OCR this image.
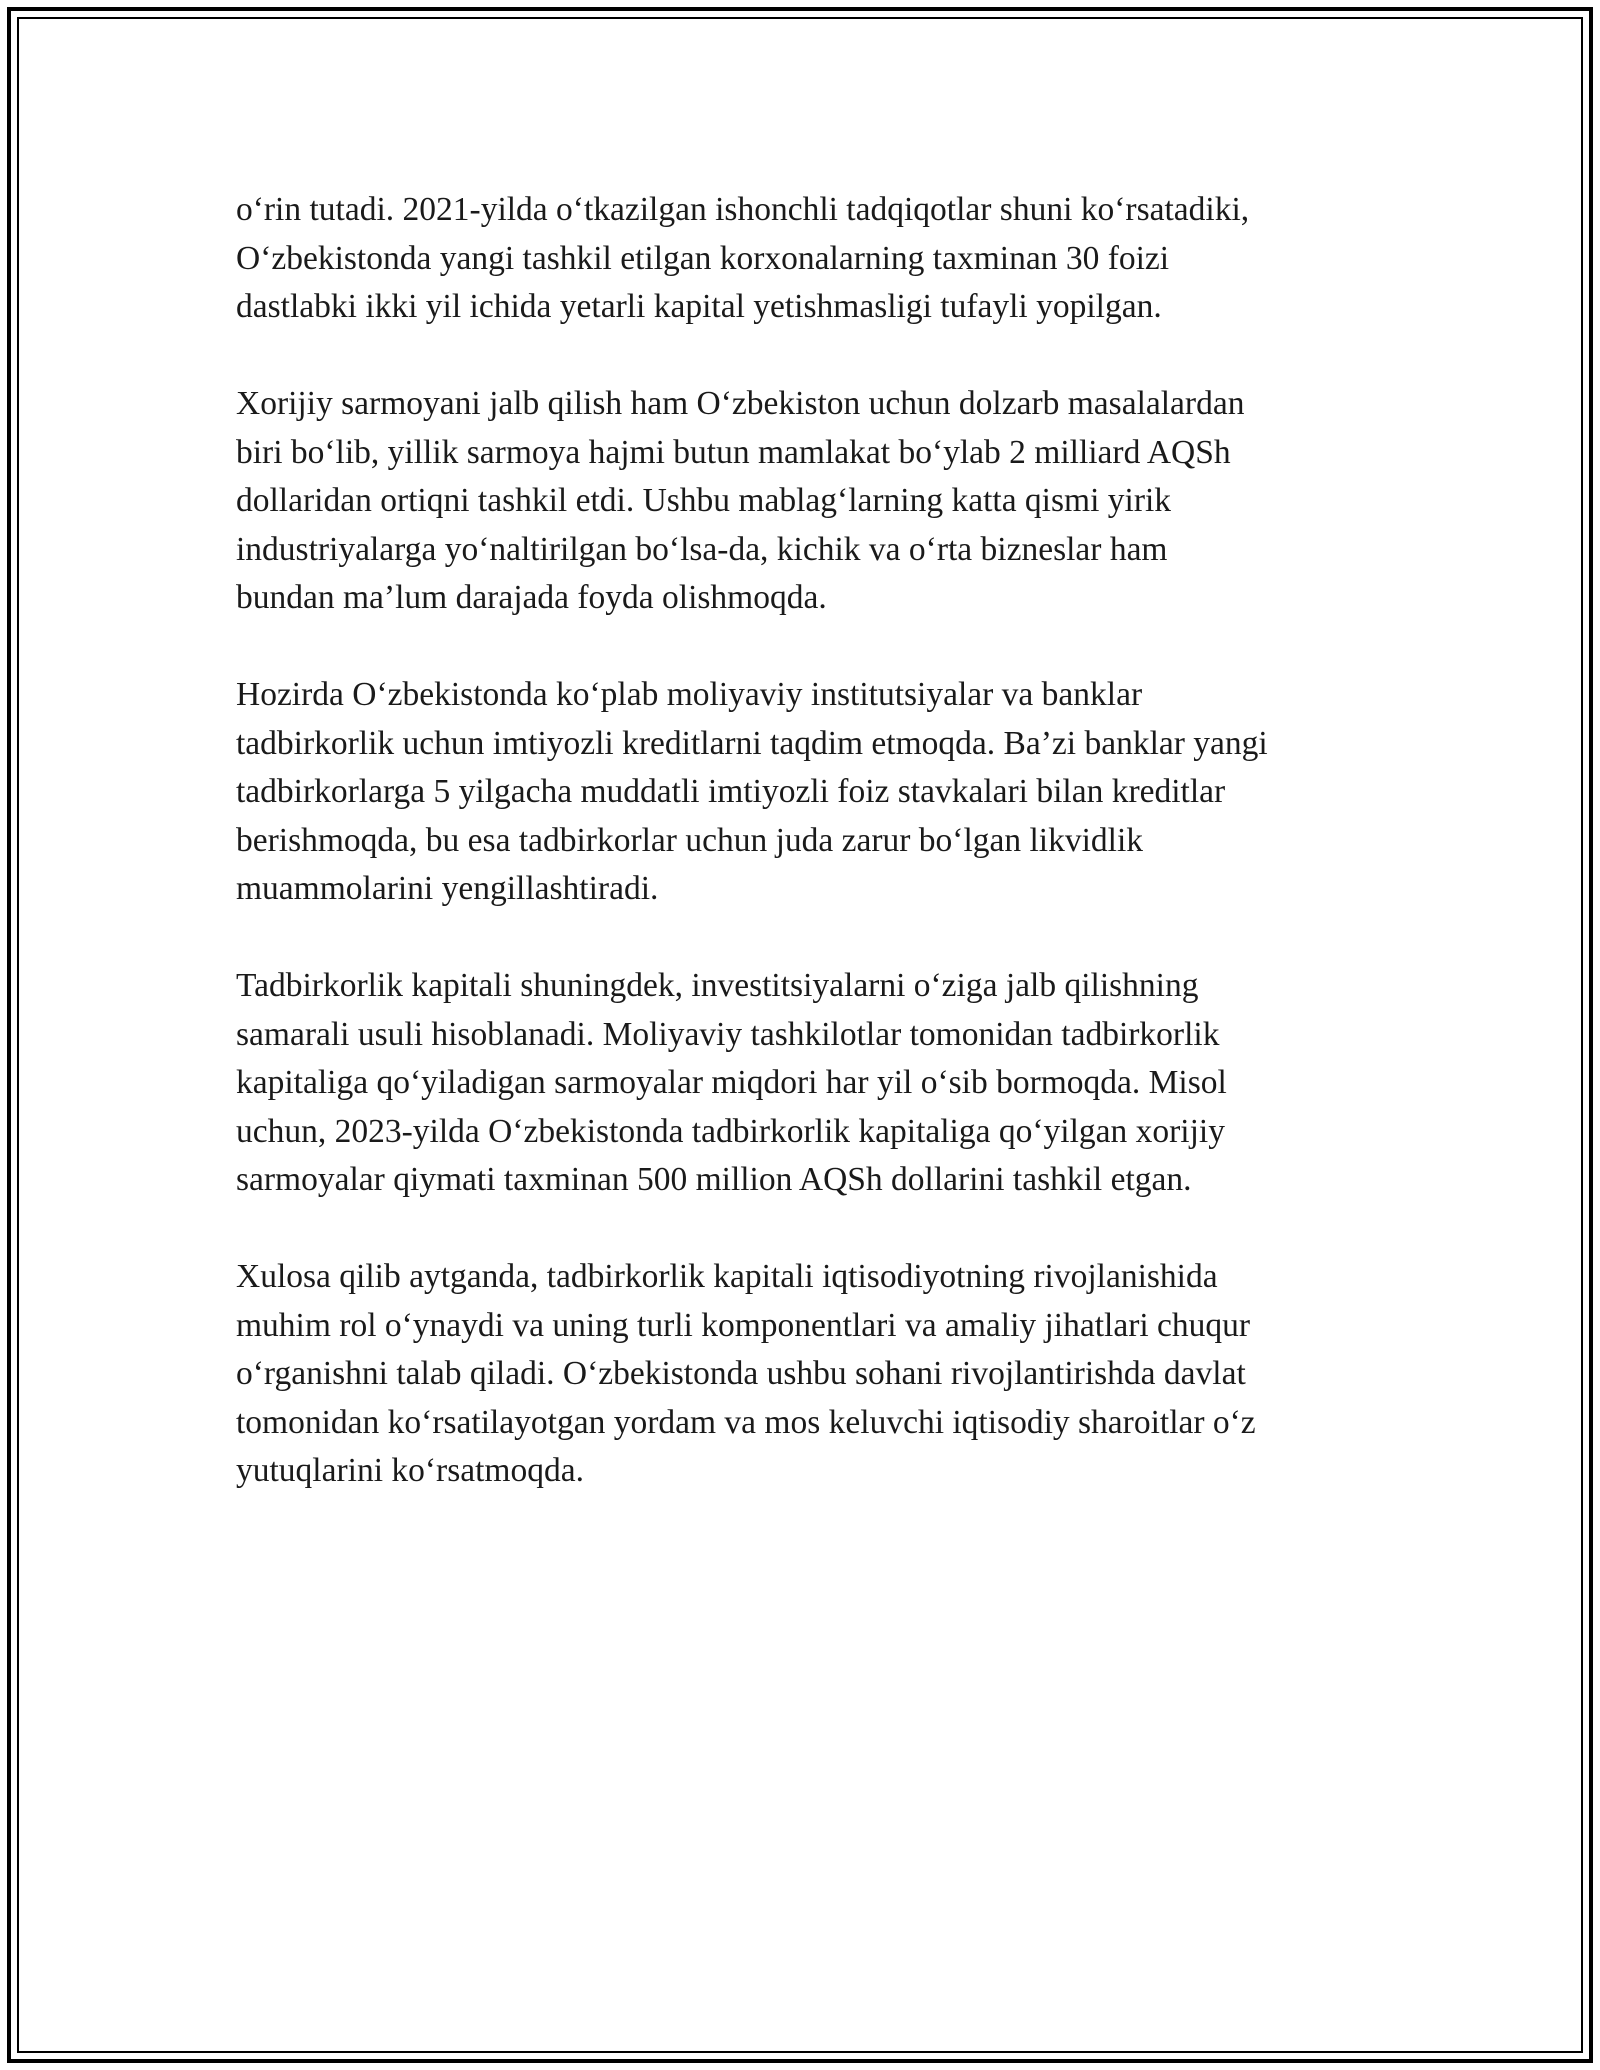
o‘rin tutadi. 2021-yilda o‘tkazilgan ishonchli tadqiqotlar shuni ko‘rsatadiki,
O‘zbekistonda yangi tashkil etilgan korxonalarning taxminan 30 foizi
dastlabki ikki yil ichida yetarli kapital yetishmasligi tufayli yopilgan.

Xorijiy sarmoyani jalb qilish ham O‘zbekiston uchun dolzarb masalalardan
biri bo‘lib, yillik sarmoya hajmi butun mamlakat bo‘ylab 2 milliard AQSh
dollaridan ortiqni tashkil etdi. Ushbu mablag‘larning katta qismi yirik
industriyalarga yo‘naltirilgan bo‘lsa-da, kichik va o‘rta bizneslar ham
bundan ma’lum darajada foyda olishmoqda.

Hozirda O‘zbekistonda ko‘plab moliyaviy institutsiyalar va banklar
tadbirkorlik uchun imtiyozli kreditlarni taqdim etmoqda. Ba’zi banklar yangi
tadbirkorlarga 5 yilgacha muddatli imtiyozli foiz stavkalari bilan kreditlar
berishmoqda, bu esa tadbirkorlar uchun juda zarur bo‘lgan likvidlik
muammolarini yengillashtiradi.

Tadbirkorlik kapitali shuningdek, investitsiyalarni o‘ziga jalb qilishning
samarali usuli hisoblanadi. Moliyaviy tashkilotlar tomonidan tadbirkorlik
kapitaliga qo‘yiladigan sarmoyalar miqdori har yil o‘sib bormoqda. Misol
uchun, 2023-yilda O‘zbekistonda tadbirkorlik kapitaliga qo‘yilgan xorijiy
sarmoyalar qiymati taxminan 500 million AQSh dollarini tashkil etgan.

Xulosa qilib aytganda, tadbirkorlik kapitali iqtisodiyotning rivojlanishida
muhim rol o‘ynaydi va uning turli komponentlari va amaliy jihatlari chuqur
o‘rganishni talab qiladi. O‘zbekistonda ushbu sohani rivojlantirishda davlat
tomonidan ko‘rsatilayotgan yordam va mos keluvchi iqtisodiy sharoitlar o‘z
yutuqlarini ko‘rsatmoqda.
